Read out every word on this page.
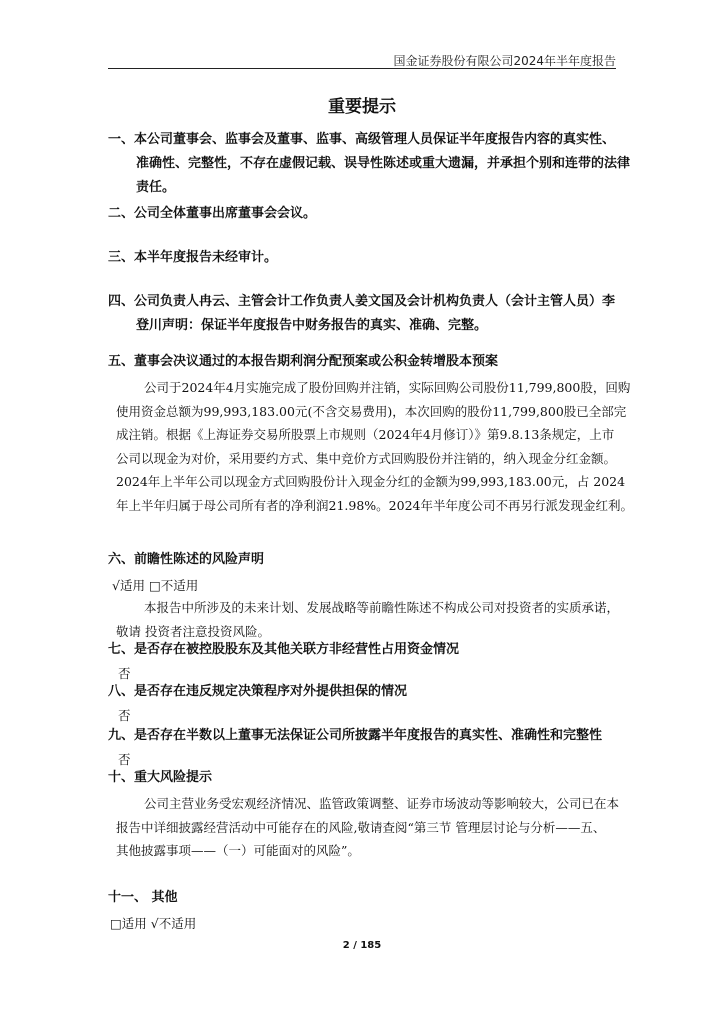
国金证券股份有限公司2024年半年度报告
重要提示
一、本公司董事会、监事会及董事、监事、高级管理人员保证半年度报告内容的真实性、
准确性、完整性，不存在虚假记载、误导性陈述或重大遗漏，并承担个别和连带的法律
责任。
二、公司全体董事出席董事会会议。
三、本半年度报告未经审计。
四、公司负责人冉云、主管会计工作负责人姜文国及会计机构负责人（会计主管人员）李
登川声明：保证半年度报告中财务报告的真实、准确、完整。
五、董事会决议通过的本报告期利润分配预案或公积金转增股本预案
公司于2024年4月实施完成了股份回购并注销，实际回购公司股份11,799,800股，回购
使用资金总额为99,993,183.00元(不含交易费用)，本次回购的股份11,799,800股已全部完
成注销。根据《上海证券交易所股票上市规则（2024年4月修订）》第9.8.13条规定，上市
公司以现金为对价，采用要约方式、集中竞价方式回购股份并注销的，纳入现金分红金额。
2024年上半年公司以现金方式回购股份计入现金分红的金额为99,993,183.00元，占 2024
年上半年归属于母公司所有者的净利润21.98%。2024年半年度公司不再另行派发现金红利。
六、前瞻性陈述的风险声明
√适用 □不适用
本报告中所涉及的未来计划、发展战略等前瞻性陈述不构成公司对投资者的实质承诺，
敬请 投资者注意投资风险。
七、是否存在被控股股东及其他关联方非经营性占用资金情况
否
八、是否存在违反规定决策程序对外提供担保的情况
否
九、是否存在半数以上董事无法保证公司所披露半年度报告的真实性、准确性和完整性
否
十、重大风险提示
公司主营业务受宏观经济情况、监管政策调整、证券市场波动等影响较大，公司已在本
报告中详细披露经营活动中可能存在的风险,敬请查阅“第三节 管理层讨论与分析——五、
其他披露事项——（一）可能面对的风险”。
十一、 其他
□适用 √不适用
2 / 185
